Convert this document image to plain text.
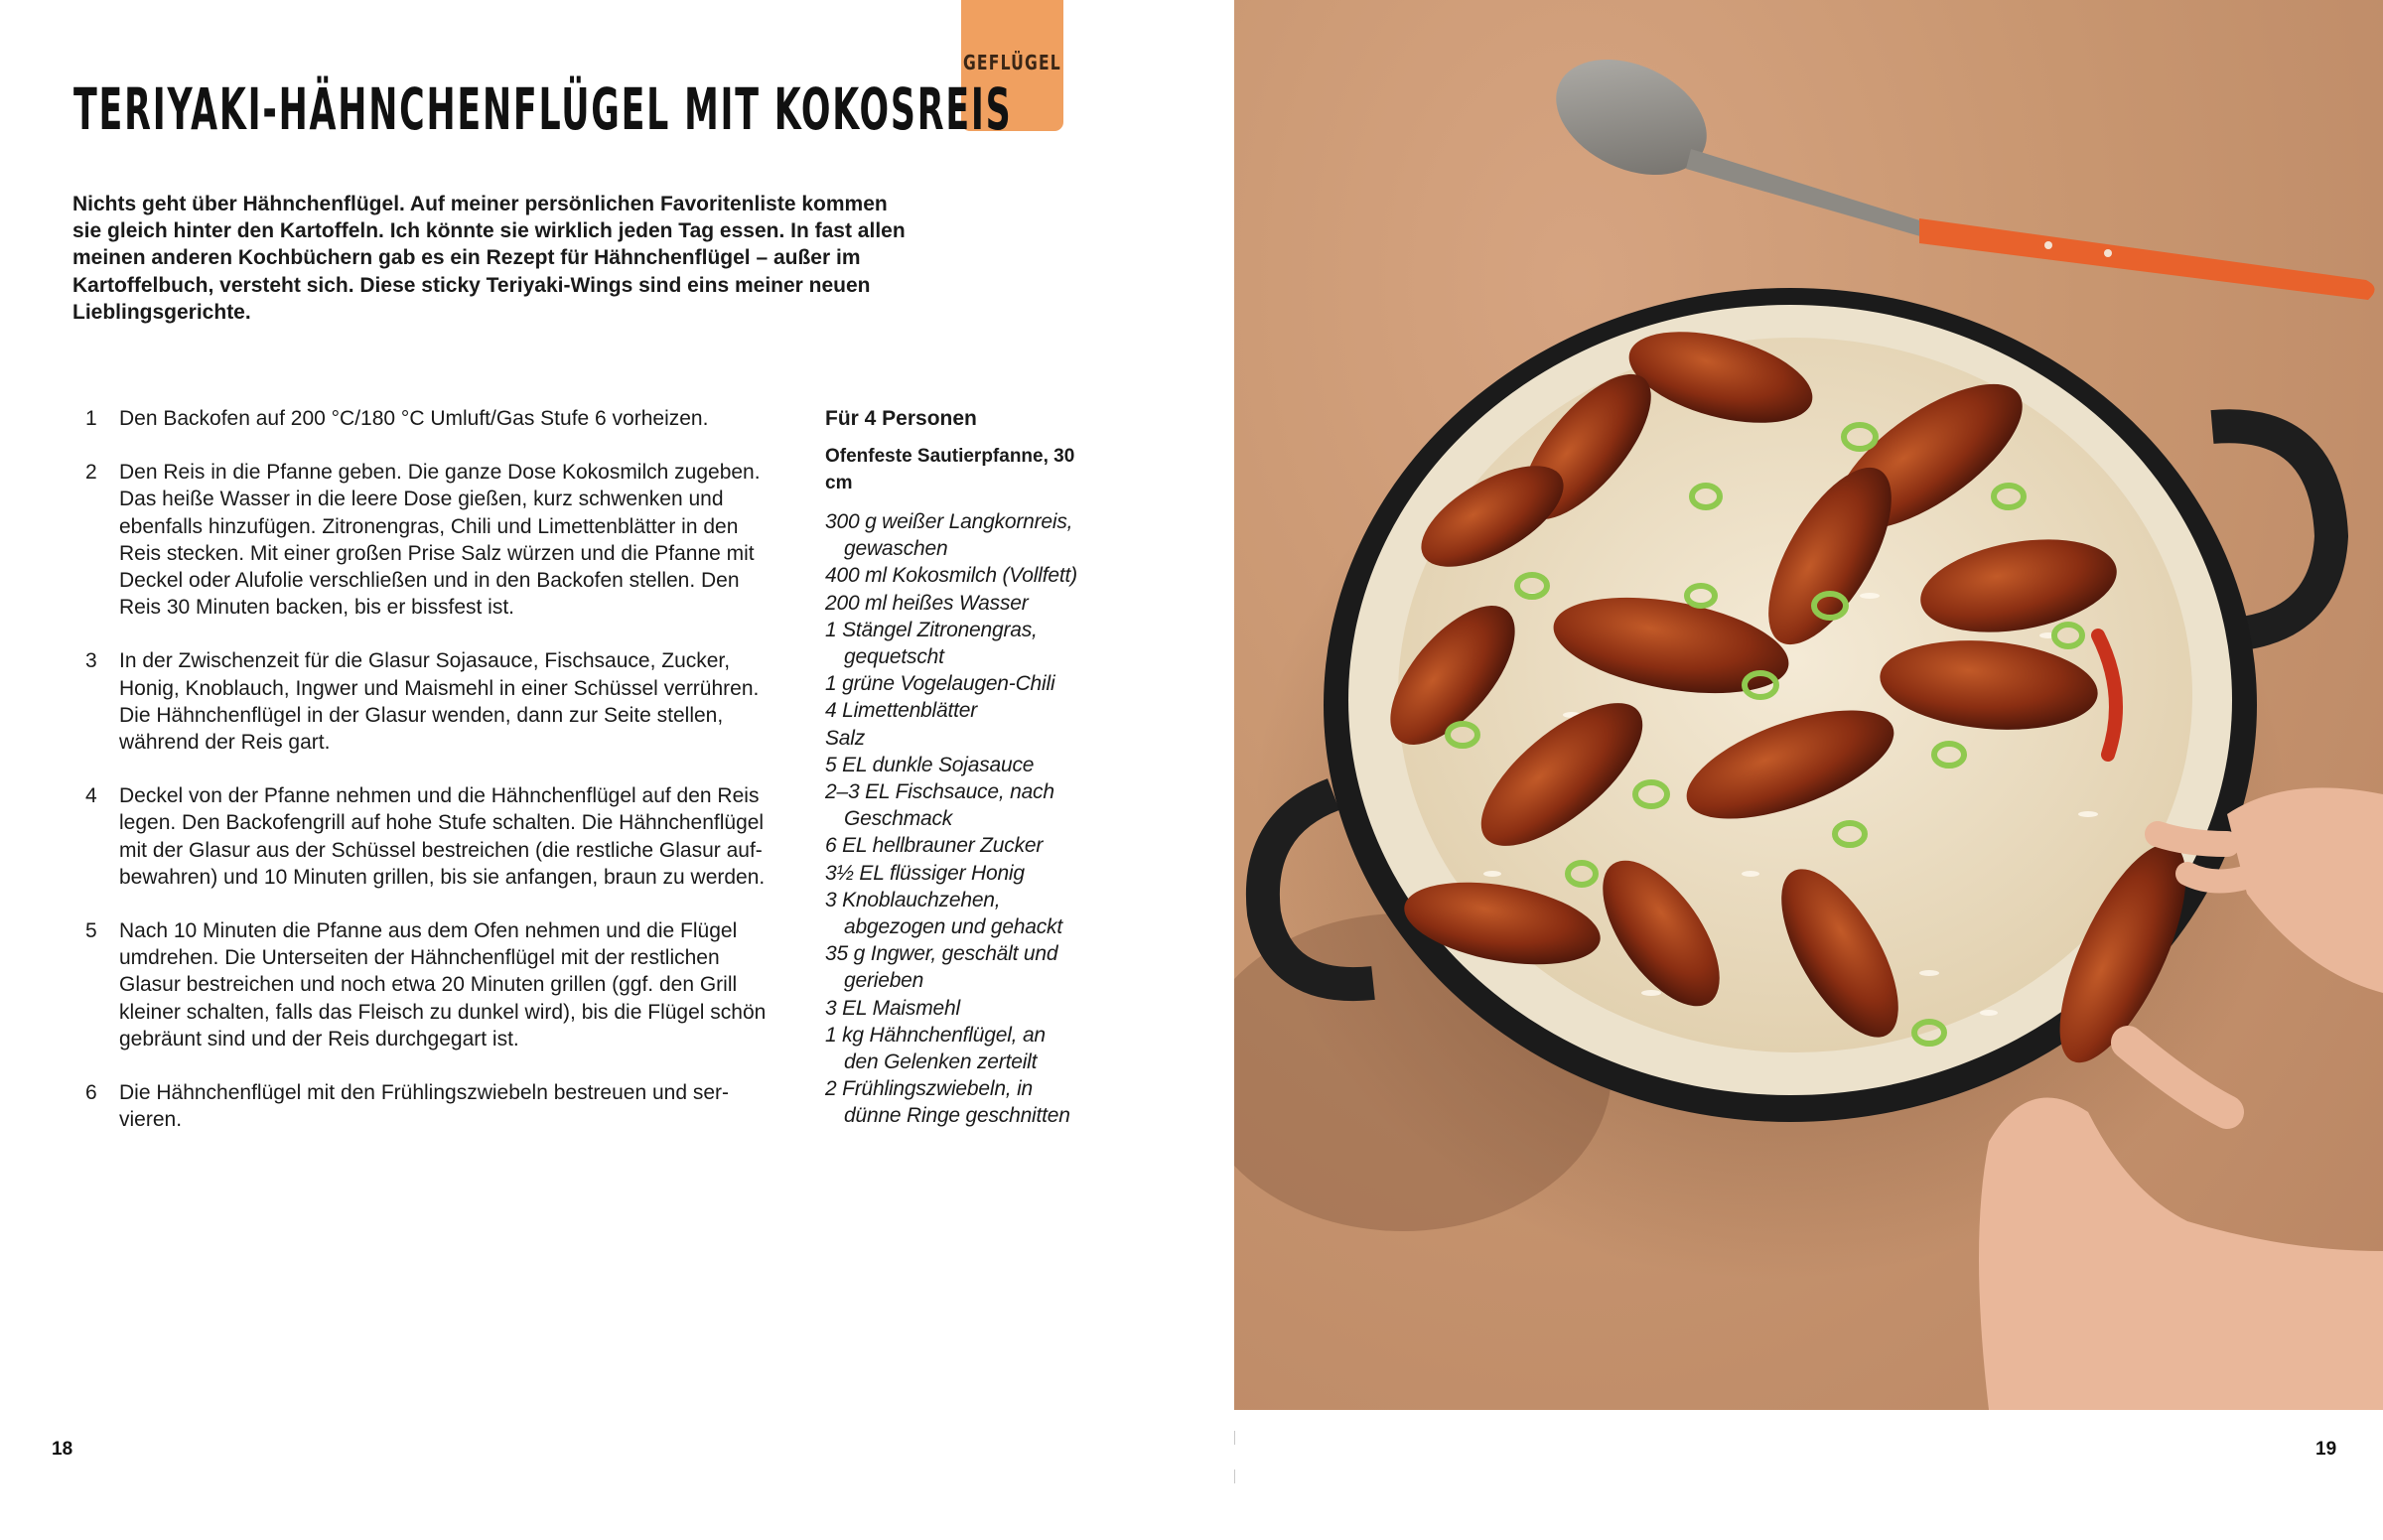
GEFLÜGEL
TERIYAKI-HÄHNCHENFLÜGEL MIT KOKOSREIS

Nichts geht über Hähnchenflügel. Auf meiner persönlichen Favoritenliste kommen sie gleich hinter den Kartoffeln. Ich könnte sie wirklich jeden Tag essen. In fast allen meinen anderen Kochbüchern gab es ein Rezept für Hähnchenflügel – außer im Kartoffelbuch, versteht sich. Diese sticky Teriyaki-Wings sind eins meiner neuen Lieblingsgerichte.

1 Den Backofen auf 200 °C/180 °C Umluft/Gas Stufe 6 vorheizen.
2 Den Reis in die Pfanne geben. Die ganze Dose Kokosmilch zugeben. Das heiße Wasser in die leere Dose gießen, kurz schwenken und ebenfalls hinzufügen. Zitronengras, Chili und Limettenblätter in den Reis stecken. Mit einer großen Prise Salz würzen und die Pfanne mit Deckel oder Alufolie verschließen und in den Backofen stellen. Den Reis 30 Minuten backen, bis er bissfest ist.
3 In der Zwischenzeit für die Glasur Sojasauce, Fischsauce, Zucker, Honig, Knoblauch, Ingwer und Maismehl in einer Schüssel verrühren. Die Hähnchenflügel in der Glasur wenden, dann zur Seite stellen, während der Reis gart.
4 Deckel von der Pfanne nehmen und die Hähnchenflügel auf den Reis legen. Den Backofengrill auf hohe Stufe schalten. Die Hähnchenflügel mit der Glasur aus der Schüssel bestreichen (die restliche Glasur aufbewahren) und 10 Minuten grillen, bis sie anfangen, braun zu werden.
5 Nach 10 Minuten die Pfanne aus dem Ofen nehmen und die Flügel umdrehen. Die Unterseiten der Hähnchenflügel mit der restlichen Glasur bestreichen und noch etwa 20 Minuten grillen (ggf. den Grill kleiner schalten, falls das Fleisch zu dunkel wird), bis die Flügel schön gebräunt sind und der Reis durchgegart ist.
6 Die Hähnchenflügel mit den Frühlingszwiebeln bestreuen und servieren.

Für 4 Personen

Ofenfeste Sautierpfanne, 30 cm

300 g weißer Langkornreis, gewaschen
400 ml Kokosmilch (Vollfett)
200 ml heißes Wasser
1 Stängel Zitronengras, gequetscht
1 grüne Vogelaugen-Chili
4 Limettenblätter
Salz
5 EL dunkle Sojasauce
2–3 EL Fischsauce, nach Geschmack
6 EL hellbrauner Zucker
3½ EL flüssiger Honig
3 Knoblauchzehen, abgezogen und gehackt
35 g Ingwer, geschält und gerieben
3 EL Maismehl
1 kg Hähnchenflügel, an den Gelenken zerteilt
2 Frühlingszwiebeln, in dünne Ringe geschnitten
18	19
